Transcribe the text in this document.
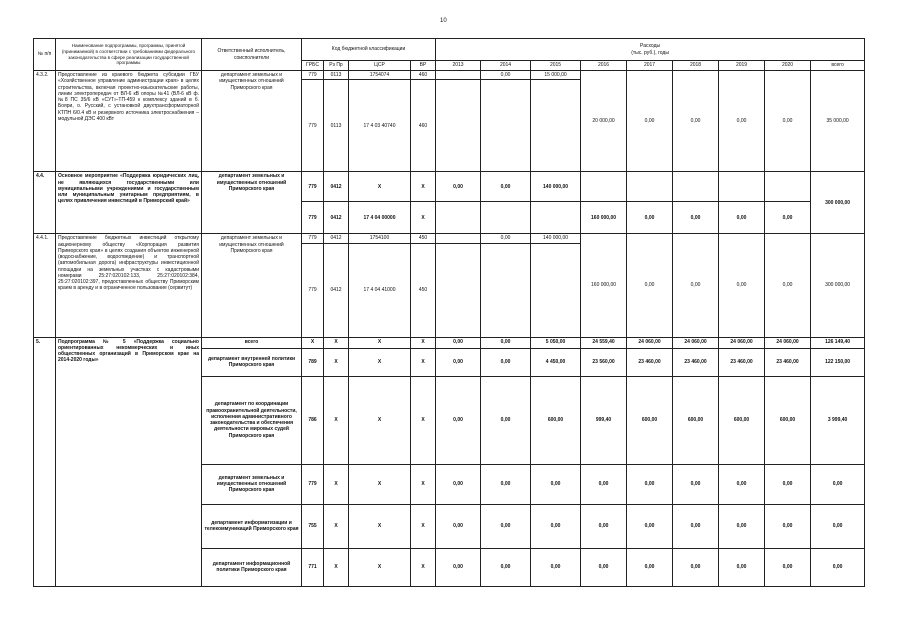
10
№ п/п	Наименование подпрограммы, программы, принятой (принимаемой) в соответствии с требованиями федерального законодательства в сфере реализации государственной программы	Ответственный исполнитель, соисполнители	Код бюджетной классификации				Расходы
(тыс. руб.), годы								

			ГРБС	Рз Пр	ЦСР	ВР	2013	2014	2015	2016	2017	2018	2019	2020	всего
4.3.2.	Предоставление из краевого бюджета субсидии ГБУ «Хозяйственное управление администрации края» в целях строительства, включая проектно-изыскательские работы, линии электропередач от ВЛ-6 кВ опоры №41 (ВЛ-6 кВ ф. №8 ПС 35/6 кВ «СУТ»-ТП-459 к комплексу зданий в б. Бояри, о. Русский, с установкой двухтрансформаторной КТПН 6/0.4 кВ и резервного источника электроснабжения – модульной ДЭС 400 кВт	департамент земельных и имущественных отношений Приморского края	779	0113	1754074	460		0,00	15 000,00	20 000,00	0,00	0,00	0,00	0,00	35 000,00
			779	0113	17 4 03 40740	460									
4.4.	Основное мероприятие «Поддержка юридических лиц, не являющихся государственными или муниципальными учреждениями и государственным или муниципальным унитарным предприятиям, в целях привлечения инвестиций в Приморский край»	департамент земельных и имущественных отношений Приморского края	779	0412	Х	Х	0,00	0,00	140 000,00						300 000,00
			779	0412	17 4 04 00000	Х				160 000,00	0,00	0,00	0,00	0,00	
4.4.1.	Предоставление бюджетных инвестиций открытому акционерному обществу «Корпорация развития Приморского края» в целях создания объектов инженерной (водоснабжение, водоотведение) и транспортной (автомобильная дорога) инфраструктуры инвестиционной площадки на земельных участках с кадастровыми номерами 25:27:020102:133, 25:27:020102:384, 25:27:020102:397, предоставленных обществу Приморским краем в аренду и в ограниченное пользование (сервитут)	департамент земельных и имущественных отношений Приморского края	779	0412	1754100	450		0,00	140 000,00	160 000,00	0,00	0,00	0,00	0,00	300 000,00
			779	0412	17 4 04 41000	450									
5.	Подпрограмма № 5 «Поддержка социально ориентированных некоммерческих и иных общественных организаций в Приморском крае на 2014-2020 годы»	всего	Х	Х	Х	Х	0,00	0,00	5 050,00	24 559,40	24 060,00	24 060,00	24 060,00	24 060,00	126 149,40
		департамент внутренней политики Приморского края	789	Х	Х	Х	0,00	0,00	4 450,00	23 560,00	23 460,00	23 460,00	23 460,00	23 460,00	122 150,00
		департамент по координации правоохранительной деятельности, исполнения административного законодательства и обеспечения деятельности мировых судей Приморского края	786	Х	Х	Х	0,00	0,00	600,00	999,40	600,00	600,00	600,00	600,00	3 999,40
		департамент земельных и имущественных отношений Приморского края	779	Х	Х	Х	0,00	0,00	0,00	0,00	0,00	0,00	0,00	0,00	0,00
		департамент информатизации и телекоммуникаций Приморского края	755	Х	Х	Х	0,00	0,00	0,00	0,00	0,00	0,00	0,00	0,00	0,00
		департамент информационной политики Приморского края	771	Х	Х	Х	0,00	0,00	0,00	0,00	0,00	0,00	0,00	0,00	0,00
